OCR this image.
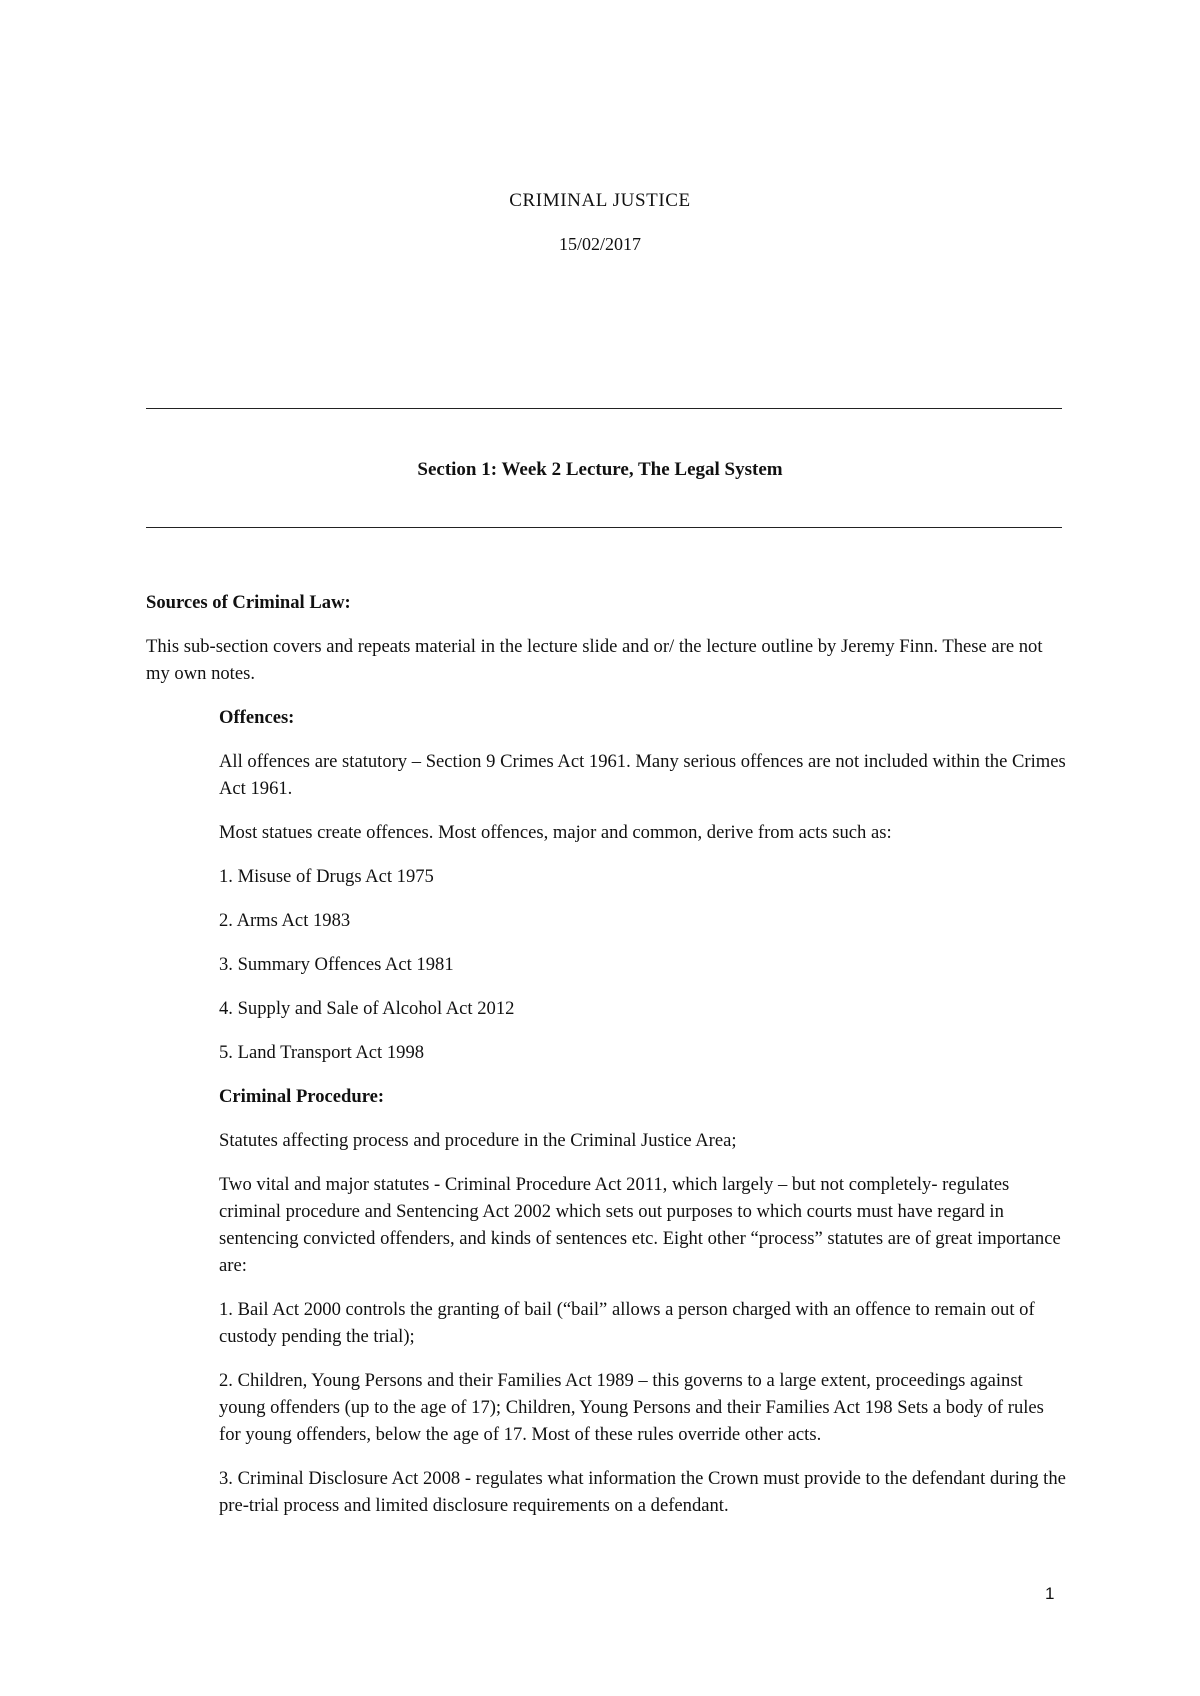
CRIMINAL JUSTICE
15/02/2017
Section 1: Week 2 Lecture, The Legal System
Sources of Criminal Law:

This sub-section covers and repeats material in the lecture slide and or/ the lecture outline by Jeremy Finn. These are not my own notes.

Offences:

All offences are statutory – Section 9 Crimes Act 1961. Many serious offences are not included within the Crimes Act 1961.

Most statues create offences. Most offences, major and common, derive from acts such as:

1. Misuse of Drugs Act 1975

2. Arms Act 1983

3. Summary Offences Act 1981

4. Supply and Sale of Alcohol Act 2012

5. Land Transport Act 1998

Criminal Procedure:

Statutes affecting process and procedure in the Criminal Justice Area;

Two vital and major statutes - Criminal Procedure Act 2011, which largely – but not completely- regulates criminal procedure and Sentencing Act 2002 which sets out purposes to which courts must have regard in sentencing convicted offenders, and kinds of sentences etc. Eight other “process” statutes are of great importance are:

1. Bail Act 2000 controls the granting of bail (“bail” allows a person charged with an offence to remain out of custody pending the trial);

2. Children, Young Persons and their Families Act 1989 – this governs to a large extent, proceedings against young offenders (up to the age of 17); Children, Young Persons and their Families Act 198 Sets a body of rules for young offenders, below the age of 17. Most of these rules override other acts.

3. Criminal Disclosure Act 2008 - regulates what information the Crown must provide to the defendant during the pre-trial process and limited disclosure requirements on a defendant.

1
